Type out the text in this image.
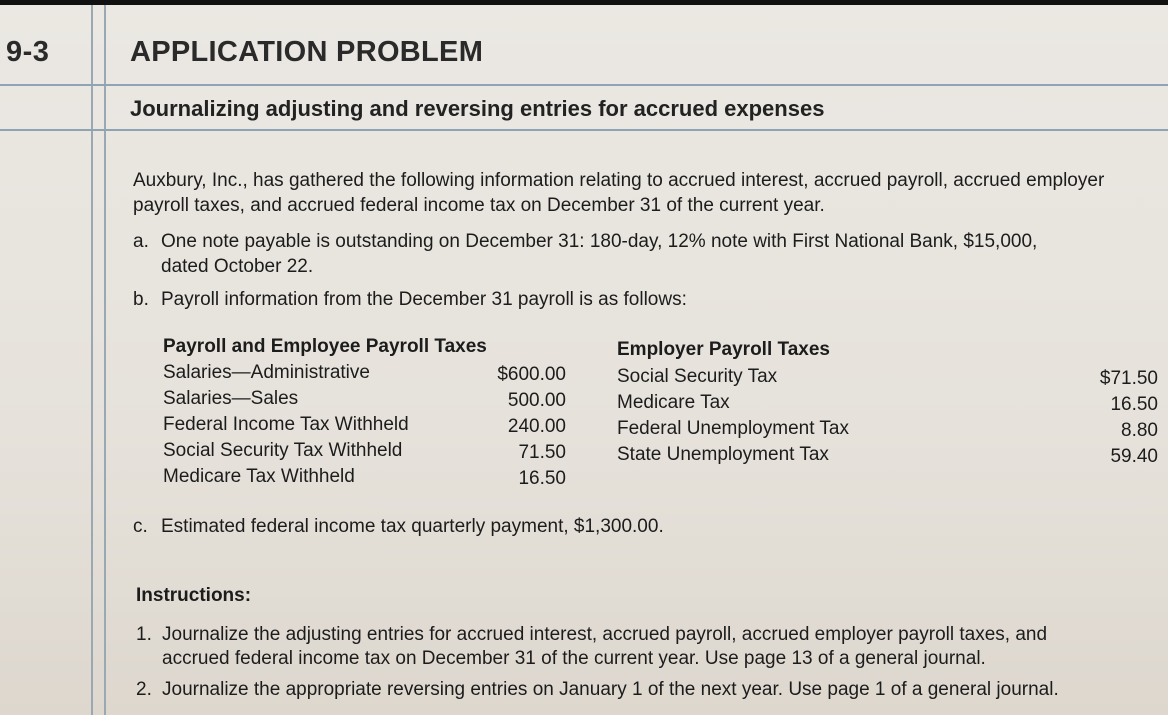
9-3	APPLICATION PROBLEM
Journalizing adjusting and reversing entries for accrued expenses
Auxbury, Inc., has gathered the following information relating to accrued interest, accrued payroll, accrued employer payroll taxes, and accrued federal income tax on December 31 of the current year.
a. One note payable is outstanding on December 31: 180-day, 12% note with First National Bank, $15,000,
dated October 22.
b. Payroll information from the December 31 payroll is as follows:
Payroll and Employee Payroll Taxes
Salaries—Administrative	$600.00
Salaries—Sales	500.00
Federal Income Tax Withheld	240.00
Social Security Tax Withheld	71.50
Medicare Tax Withheld	16.50
Employer Payroll Taxes
Social Security Tax	$71.50
Medicare Tax	16.50
Federal Unemployment Tax	8.80
State Unemployment Tax	59.40
c. Estimated federal income tax quarterly payment, $1,300.00.
Instructions:
1. Journalize the adjusting entries for accrued interest, accrued payroll, accrued employer payroll taxes, and
accrued federal income tax on December 31 of the current year. Use page 13 of a general journal.
2. Journalize the appropriate reversing entries on January 1 of the next year. Use page 1 of a general journal.
